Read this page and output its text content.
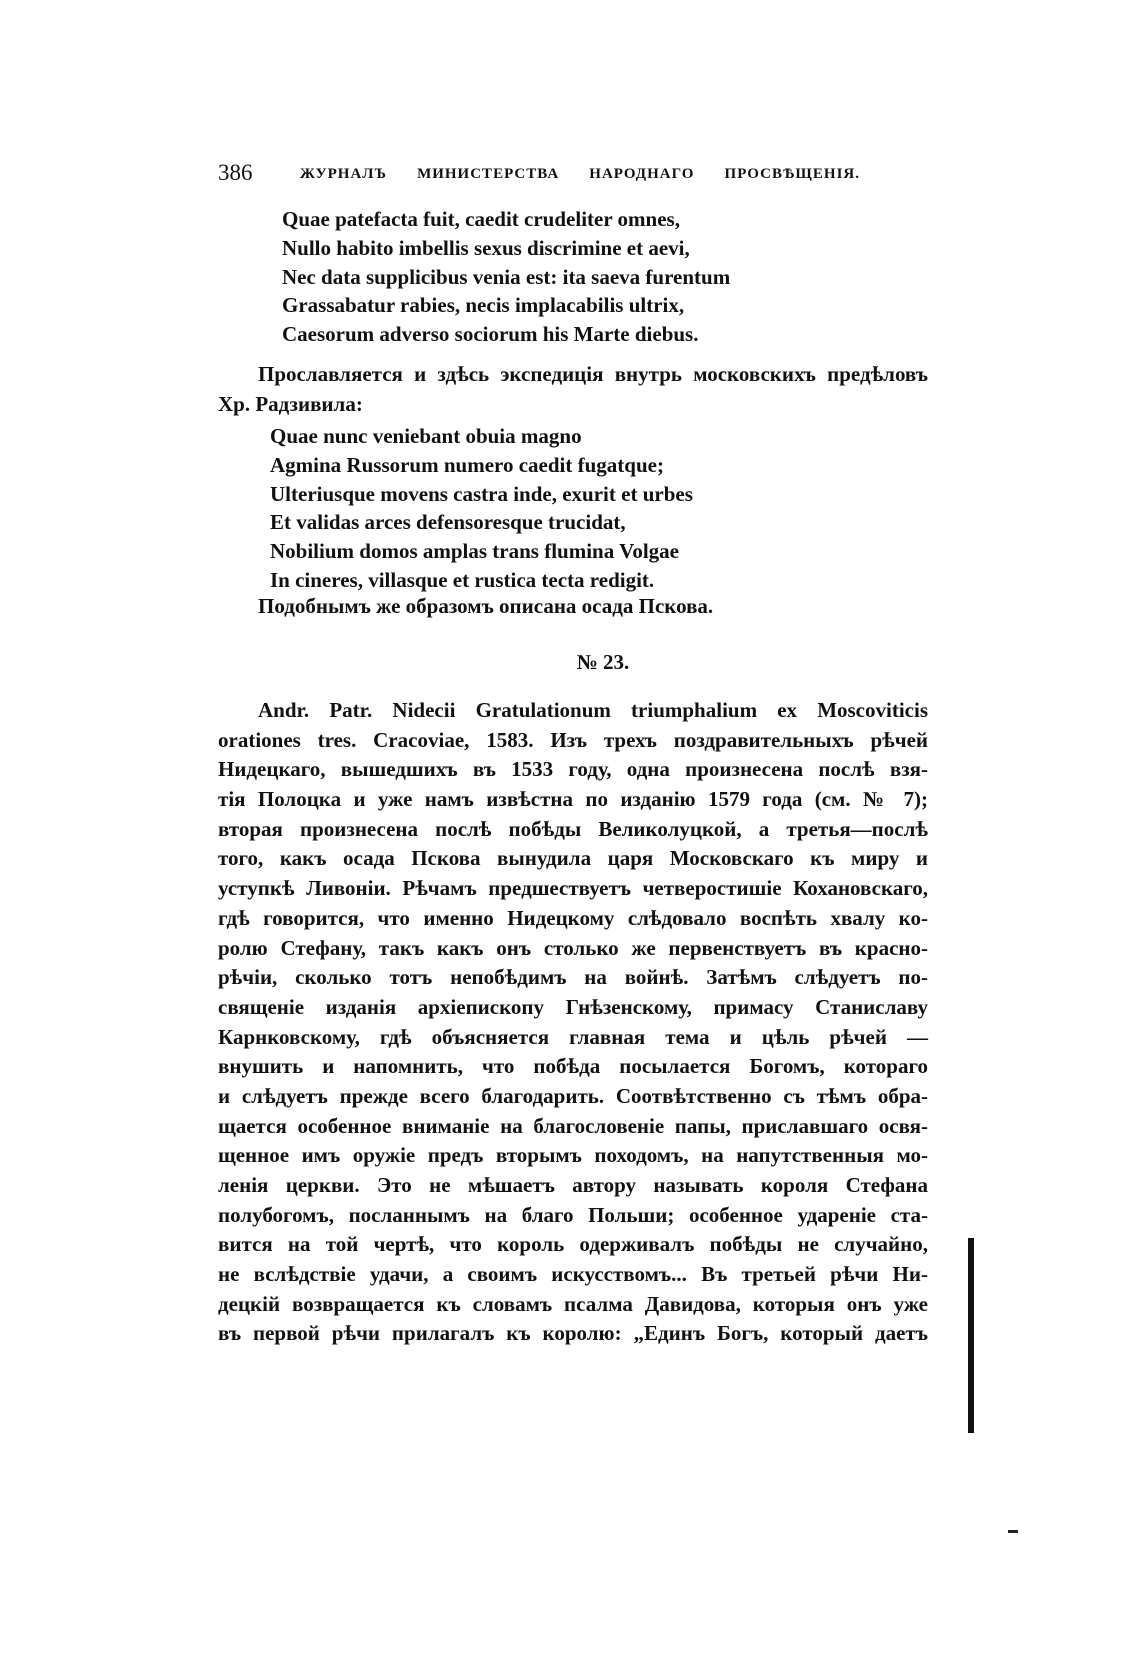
386	ЖУРНАЛЪ МИНИСТЕРСТВА НАРОДНАГО ПРОСВѢЩЕНІЯ.
Quae patefacta fuit, caedit crudeliter omnes,
Nullo habito imbellis sexus discrimine et aevi,
Nec data supplicibus venia est: ita saeva furentum
Grassabatur rabies, necis implacabilis ultrix,
Caesorum adverso sociorum his Marte diebus.
Прославляется и здѣсь экспедиція внутрь московскихъ предѣловъ
Хр. Радзивила:
Quae nunc veniebant obuia magno
Agmina Russorum numero caedit fugatque;
Ulteriusque movens castra inde, exurit et urbes
Et validas arces defensoresque trucidat,
Nobilium domos amplas trans flumina Volgae
In cineres, villasque et rustica tecta redigit.
Подобнымъ же образомъ описана осада Пскова.
№ 23.
Andr. Patr. Nidecii Gratulationum triumphalium ex Moscoviticis
orationes tres. Cracoviae, 1583. Изъ трехъ поздравительныхъ рѣчей
Нидецкаго, вышедшихъ въ 1533 году, одна произнесена послѣ взя-
тія Полоцка и уже намъ извѣстна по изданію 1579 года (см. № 7);
вторая произнесена послѣ побѣды Великолуцкой, а третья—послѣ
того, какъ осада Пскова вынудила царя Московскаго къ миру и
уступкѣ Ливоніи. Рѣчамъ предшествуетъ четверостишіе Кохановскаго,
гдѣ говорится, что именно Нидецкому слѣдовало воспѣть хвалу ко-
ролю Стефану, такъ какъ онъ столько же первенствуетъ въ красно-
рѣчіи, сколько тотъ непобѣдимъ на войнѣ. Затѣмъ слѣдуетъ по-
священіе изданія архіепископу Гнѣзенскому, примасу Станиславу
Карнковскому, гдѣ объясняется главная тема и цѣль рѣчей —
внушить и напомнить, что побѣда посылается Богомъ, котораго
и слѣдуетъ прежде всего благодарить. Соотвѣтственно съ тѣмъ обра-
щается особенное вниманіе на благословеніе папы, приславшаго освя-
щенное имъ оружіе предъ вторымъ походомъ, на напутственныя мо-
ленія церкви. Это не мѣшаетъ автору называть короля Стефана
полубогомъ, посланнымъ на благо Польши; особенное удареніе ста-
вится на той чертѣ, что король одерживалъ побѣды не случайно,
не вслѣдствіе удачи, а своимъ искусствомъ... Въ третьей рѣчи Ни-
децкій возвращается къ словамъ псалма Давидова, которыя онъ уже
въ первой рѣчи прилагалъ къ королю: „Единъ Богъ, который даетъ
